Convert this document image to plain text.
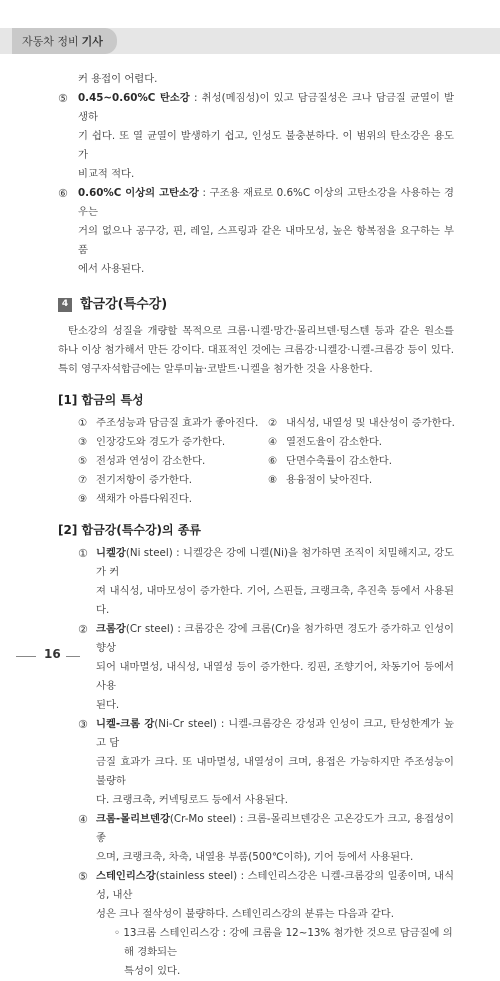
자동차 정비 기사
커 용접이 어렵다.
⑤ 0.45~0.60%C 탄소강 : 취성(메짐성)이 있고 담금질성은 크나 담금질 균열이 발생하
기 쉽다. 또 열 균열이 발생하기 쉽고, 인성도 불충분하다. 이 범위의 탄소강은 용도가
비교적 적다.
⑥ 0.60%C 이상의 고탄소강 : 구조용 재료로 0.6%C 이상의 고탄소강을 사용하는 경우는
거의 없으나 공구강, 핀, 레일, 스프링과 같은 내마모성, 높은 항복점을 요구하는 부품
에서 사용된다.
4 합금강(특수강)
탄소강의 성질을 개량할 목적으로 크롬·니켈·망간·몰리브덴·텅스텐 등과 같은 원소를 하나 이상 첨가해서 만든 강이다. 대표적인 것에는 크롬강·니켈강·니켈-크롬강 등이 있다. 특히 영구자석합금에는 알루미늄·코발트·니켈을 첨가한 것을 사용한다.
[1] 합금의 특성
① 주조성능과 담금질 효과가 좋아진다. ② 내식성, 내열성 및 내산성이 증가한다.
③ 인장강도와 경도가 증가한다.	④ 열전도율이 감소한다.
⑤ 전성과 연성이 감소한다.	⑥ 단면수축률이 감소한다.
⑦ 전기저항이 증가한다.	⑧ 용융점이 낮아진다.
⑨ 색채가 아름다워진다.
[2] 합금강(특수강)의 종류
① 니켈강(Ni steel) : 니켈강은 강에 니켈(Ni)을 첨가하면 조직이 치밀해지고, 강도가 커
져 내식성, 내마모성이 증가한다. 기어, 스핀들, 크랭크축, 추진축 등에서 사용된다.
② 크롬강(Cr steel) : 크롬강은 강에 크롬(Cr)을 첨가하면 경도가 증가하고 인성이 향상
되어 내마멸성, 내식성, 내열성 등이 증가한다. 킹핀, 조향기어, 차동기어 등에서 사용
된다.
③ 니켈-크롬 강(Ni-Cr steel) : 니켈-크롬강은 강성과 인성이 크고, 탄성한계가 높고 담
금질 효과가 크다. 또 내마멸성, 내열성이 크며, 용접은 가능하지만 주조성능이 불량하
다. 크랭크축, 커넥팅로드 등에서 사용된다.
④ 크롬-몰리브덴강(Cr-Mo steel) : 크롬-몰리브덴강은 고온강도가 크고, 용접성이 좋
으며, 크랭크축, 차축, 내열용 부품(500℃이하), 기어 등에서 사용된다.
⑤ 스테인리스강(stainless steel) : 스테인리스강은 니켈-크롬강의 일종이며, 내식성, 내산
성은 크나 절삭성이 불량하다. 스테인리스강의 분류는 다음과 같다.
◦ 13크롬 스테인리스강 : 강에 크롬을 12~13% 첨가한 것으로 담금질에 의해 경화되는
특성이 있다.
16
